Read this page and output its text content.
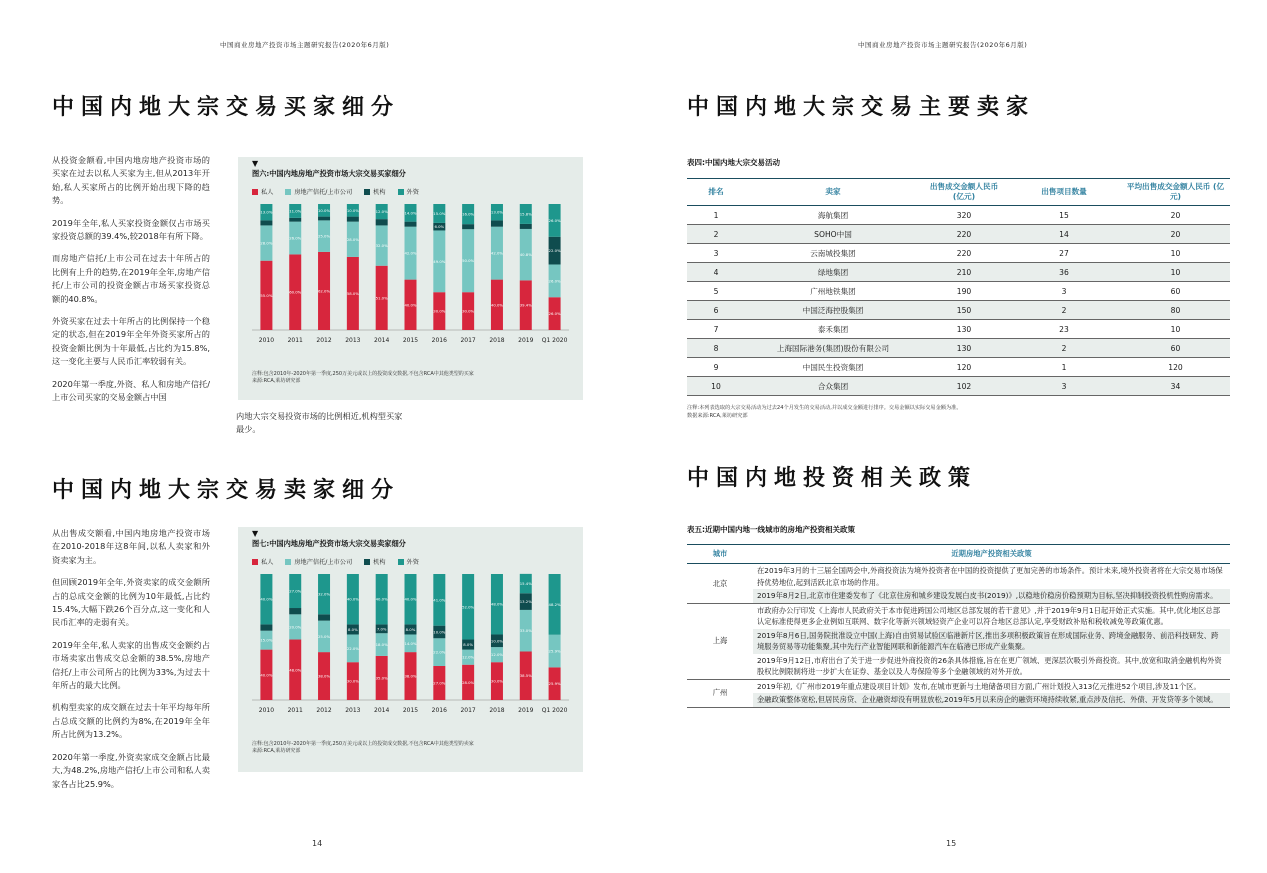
中国商业房地产投资市场主题研究报告(2020年6月版)
中国内地大宗交易买家细分

从投资金额看,中国内地房地产投资市场的买家在过去以私人买家为主,但从2013年开始,私人买家所占的比例开始出现下降的趋势。

2019年全年,私人买家投资金额仅占市场买家投资总额的39.4%,较2018年有所下降。

而房地产信托/上市公司在过去十年所占的比例有上升的趋势,在2019年全年,房地产信托/上市公司的投资金额占市场买家投资总额的40.8%。

外资买家在过去十年所占的比例保持一个稳定的状态,但在2019年全年外资买家所占的投资金额比例为十年最低,占比约为15.8%,这一变化主要与人民币汇率较弱有关。

2020年第一季度,外资、私人和房地产信托/上市公司买家的交易金额占中国

▼
图六:中国内地房地产投资市场大宗交易买家细分
私人	房地产信托/上市公司	机构	外资
55.0%
28.0%
13.0%
2010
60.0%
26.0%
11.0%
2011
62.0%
25.0%
10.0%
2012
58.0%
28.0%
10.0%
2013
51.0%
32.0%
12.0%
2014
40.0%
42.0%
14.0%
2015
30.0%
49.0%
6.0%
15.0%
2016
30.0%
50.0%
16.0%
2017
40.0%
42.0%
13.0%
2018
39.4%
40.8%
15.8%
2019
26.0%
26.0%
22.0%
26.0%
Q1 2020
注释:包含2010年-2020年第一季度,250万美元或以上的投资成交数据,不包含RCA中其他类型的买家
来源:RCA,莱坊研究部
内地大宗交易投资市场的比例相近,机构型买家最少。
中国内地大宗交易卖家细分

从出售成交额看,中国内地房地产投资市场在2010-2018年这8年间,以私人卖家和外资卖家为主。

但回顾2019年全年,外资卖家的成交金额所占的总成交金额的比例为10年最低,占比约15.4%,大幅下跌26个百分点,这一变化和人民币汇率的走弱有关。

2019年全年,私人卖家的出售成交金额约占市场卖家出售成交总金额的38.5%,房地产信托/上市公司所占的比例为33%,为过去十年所占的最大比例。

机构型卖家的成交额在过去十年平均每年所占总成交额的比例约为8%,在2019年全年所占比例为13.2%。

2020年第一季度,外资卖家成交金额占比最大,为48.2%,房地产信托/上市公司和私人卖家各占比25.9%。

▼
图七:中国内地房地产投资市场大宗交易卖家细分
私人	房地产信托/上市公司	机构	外资
40.0%
15.0%
40.0%
2010
48.0%
20.0%
27.0%
2011
38.0%
25.0%
32.0%
2012
30.0%
22.0%
8.0%
40.0%
2013
35.0%
18.0%
7.0%
40.0%
2014
38.0%
14.0%
8.0%
40.0%
2015
27.0%
22.0%
10.0%
41.0%
2016
28.0%
12.0%
8.0%
52.0%
2017
30.0%
12.0%
10.0%
48.0%
2018
38.5%
33.0%
13.2%
15.4%
2019
25.9%
25.9%
48.2%
Q1 2020
注释:包含2010年-2020年第一季度,250万美元或以上的投资成交数据,不包含RCA中其他类型的卖家
来源:RCA,莱坊研究部
14
中国商业房地产投资市场主题研究报告(2020年6月版)
中国内地大宗交易主要卖家
表四:中国内地大宗交易活动
排名	卖家	出售成交金额人民币 (亿元)	出售项目数量	平均出售成交金额人民币 (亿元)
1	海航集团	320	15	20
2	SOHO中国	220	14	20
3	云南城投集团	220	27	10
4	绿地集团	210	36	10
5	广州地铁集团	190	3	60
6	中国泛海控股集团	150	2	80
7	泰禾集团	130	23	10
8	上海国际港务(集团)股份有限公司	130	2	60
9	中国民生投资集团	120	1	120
10	合众集团	102	3	34
注释:本列表选取的大宗交易活动为过去24个月发生的交易活动,并以成交金额进行排序。交易金额以实际交易金额为准。
数据来源:RCA,莱坊研究部
中国内地投资相关政策
表五:近期中国内地一线城市的房地产投资相关政策
城市	近期房地产投资相关政策
北京
在2019年3月的十三届全国两会中,外商投资法为境外投资者在中国的投资提供了更加完善的市场条件。预计未来,境外投资者将在大宗交易市场保持优势地位,起到活跃北京市场的作用。
2019年8月2日,北京市住建委发布了《北京住房和城乡建设发展白皮书(2019)》,以稳地价稳房价稳预期为目标,坚决抑制投资投机性购房需求。
上海
市政府办公厅印发《上海市人民政府关于本市促进跨国公司地区总部发展的若干意见》,并于2019年9月1日起开始正式实施。其中,优化地区总部认定标准使得更多企业例如互联网、数字化等新兴领域轻资产企业可以符合地区总部认定,享受财政补贴和税收减免等政策优惠。
2019年8月6日,国务院批准设立中国(上海)自由贸易试验区临港新片区,推出多项积极政策旨在形成国际业务、跨境金融服务、前沿科技研发、跨境服务贸易等功能集聚,其中先行产业智能网联和新能源汽车在临港已形成产业集聚。
2019年9月12日,市府出台了关于进一步促进外商投资的26条具体措施,旨在在更广领域、更深层次吸引外商投资。其中,放宽和取消金融机构外资股权比例限制将进一步扩大在证券、基金以及人寿保险等多个金融领域的对外开放。
广州
2019年初,《广州市2019年重点建设项目计划》发布,在城市更新与土地储备项目方面,广州计划投入313亿元推进52个项目,涉及11个区。
金融政策整体宽松,但居民房贷、企业融资却没有明显放松,2019年5月以来房企的融资环境持续收紧,重点涉及信托、外债、开发贷等多个领域。
15
